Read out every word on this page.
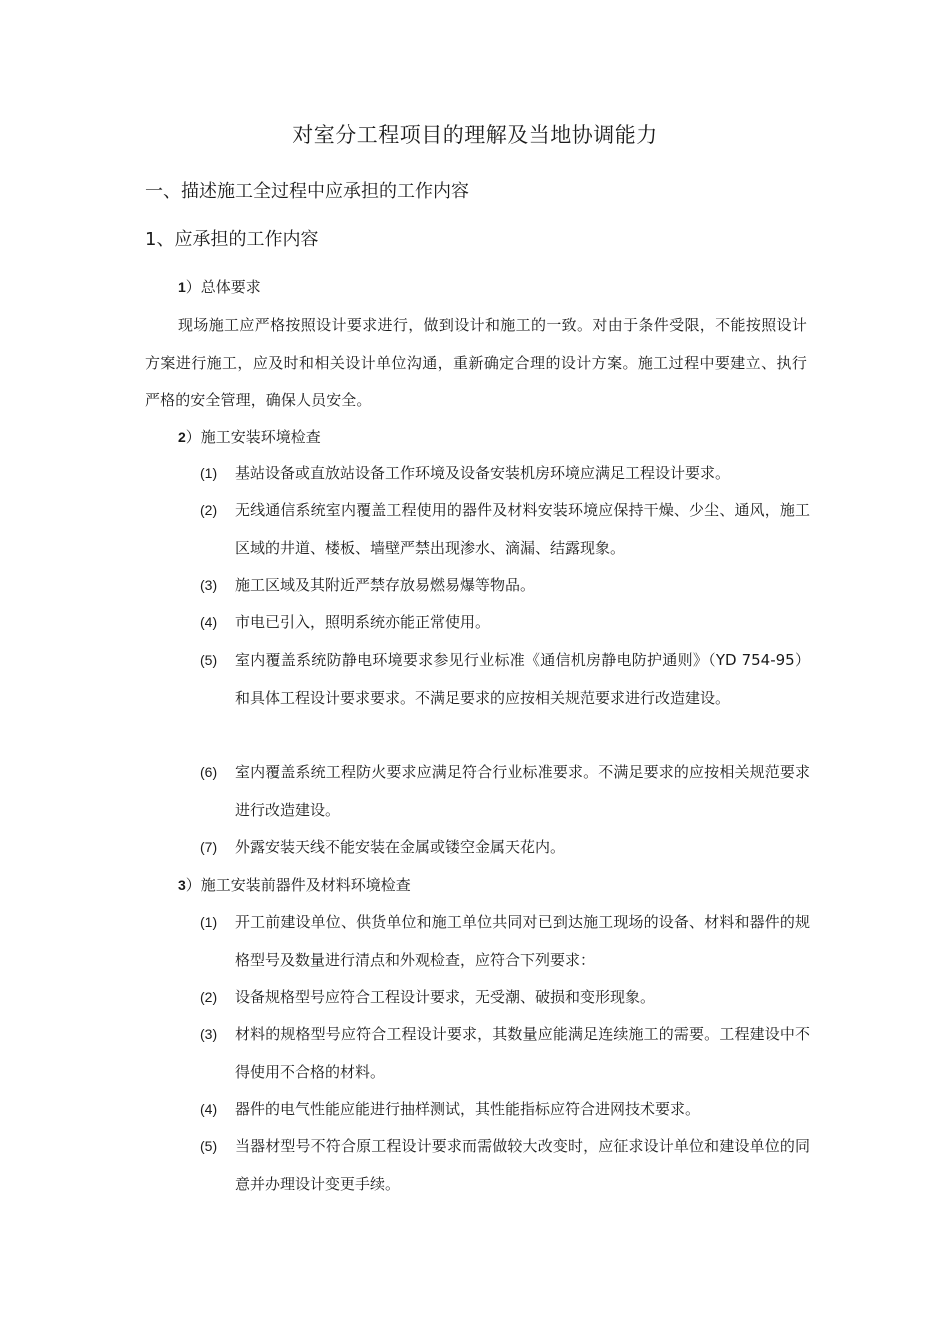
对室分工程项目的理解及当地协调能力
一、描述施工全过程中应承担的工作内容
1、应承担的工作内容
1）总体要求
现场施工应严格按照设计要求进行，做到设计和施工的一致。对由于条件受限，不能按照设计方案进行施工，应及时和相关设计单位沟通，重新确定合理的设计方案。施工过程中要建立、执行严格的安全管理，确保人员安全。
2）施工安装环境检查
(1) 基站设备或直放站设备工作环境及设备安装机房环境应满足工程设计要求。
(2) 无线通信系统室内覆盖工程使用的器件及材料安装环境应保持干燥、少尘、通风，施工区域的井道、楼板、墙壁严禁出现渗水、滴漏、结露现象。
(3) 施工区域及其附近严禁存放易燃易爆等物品。
(4) 市电已引入，照明系统亦能正常使用。
(5) 室内覆盖系统防静电环境要求参见行业标准《通信机房静电防护通则》（YD 754-95）和具体工程设计要求要求。不满足要求的应按相关规范要求进行改造建设。
(6) 室内覆盖系统工程防火要求应满足符合行业标准要求。不满足要求的应按相关规范要求进行改造建设。
(7) 外露安装天线不能安装在金属或镂空金属天花内。
3）施工安装前器件及材料环境检查
(1) 开工前建设单位、供货单位和施工单位共同对已到达施工现场的设备、材料和器件的规格型号及数量进行清点和外观检查，应符合下列要求：
(2) 设备规格型号应符合工程设计要求，无受潮、破损和变形现象。
(3) 材料的规格型号应符合工程设计要求，其数量应能满足连续施工的需要。工程建设中不得使用不合格的材料。
(4) 器件的电气性能应能进行抽样测试，其性能指标应符合进网技术要求。
(5) 当器材型号不符合原工程设计要求而需做较大改变时，应征求设计单位和建设单位的同意并办理设计变更手续。
